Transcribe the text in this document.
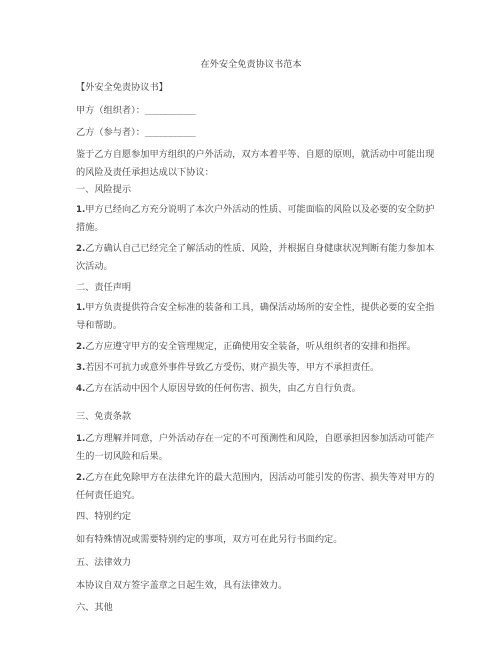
在外安全免责协议书范本
【外安全免责协议书】
甲方（组织者）：__________
乙方（参与者）：__________
鉴于乙方自愿参加甲方组织的户外活动，双方本着平等、自愿的原则，就活动中可能出现
的风险及责任承担达成以下协议：
一、风险提示
1.甲方已经向乙方充分说明了本次户外活动的性质、可能面临的风险以及必要的安全防护
措施。
2.乙方确认自己已经完全了解活动的性质、风险，并根据自身健康状况判断有能力参加本
次活动。
二、责任声明
1.甲方负责提供符合安全标准的装备和工具，确保活动场所的安全性，提供必要的安全指
导和帮助。
2.乙方应遵守甲方的安全管理规定，正确使用安全装备，听从组织者的安排和指挥。
3.若因不可抗力或意外事件导致乙方受伤、财产损失等，甲方不承担责任。
4.乙方在活动中因个人原因导致的任何伤害、损失，由乙方自行负责。
三、免责条款
1.乙方理解并同意，户外活动存在一定的不可预测性和风险，自愿承担因参加活动可能产
生的一切风险和后果。
2.乙方在此免除甲方在法律允许的最大范围内，因活动可能引发的伤害、损失等对甲方的
任何责任追究。
四、特别约定
如有特殊情况或需要特别约定的事项，双方可在此另行书面约定。
五、法律效力
本协议自双方签字盖章之日起生效，具有法律效力。
六、其他
